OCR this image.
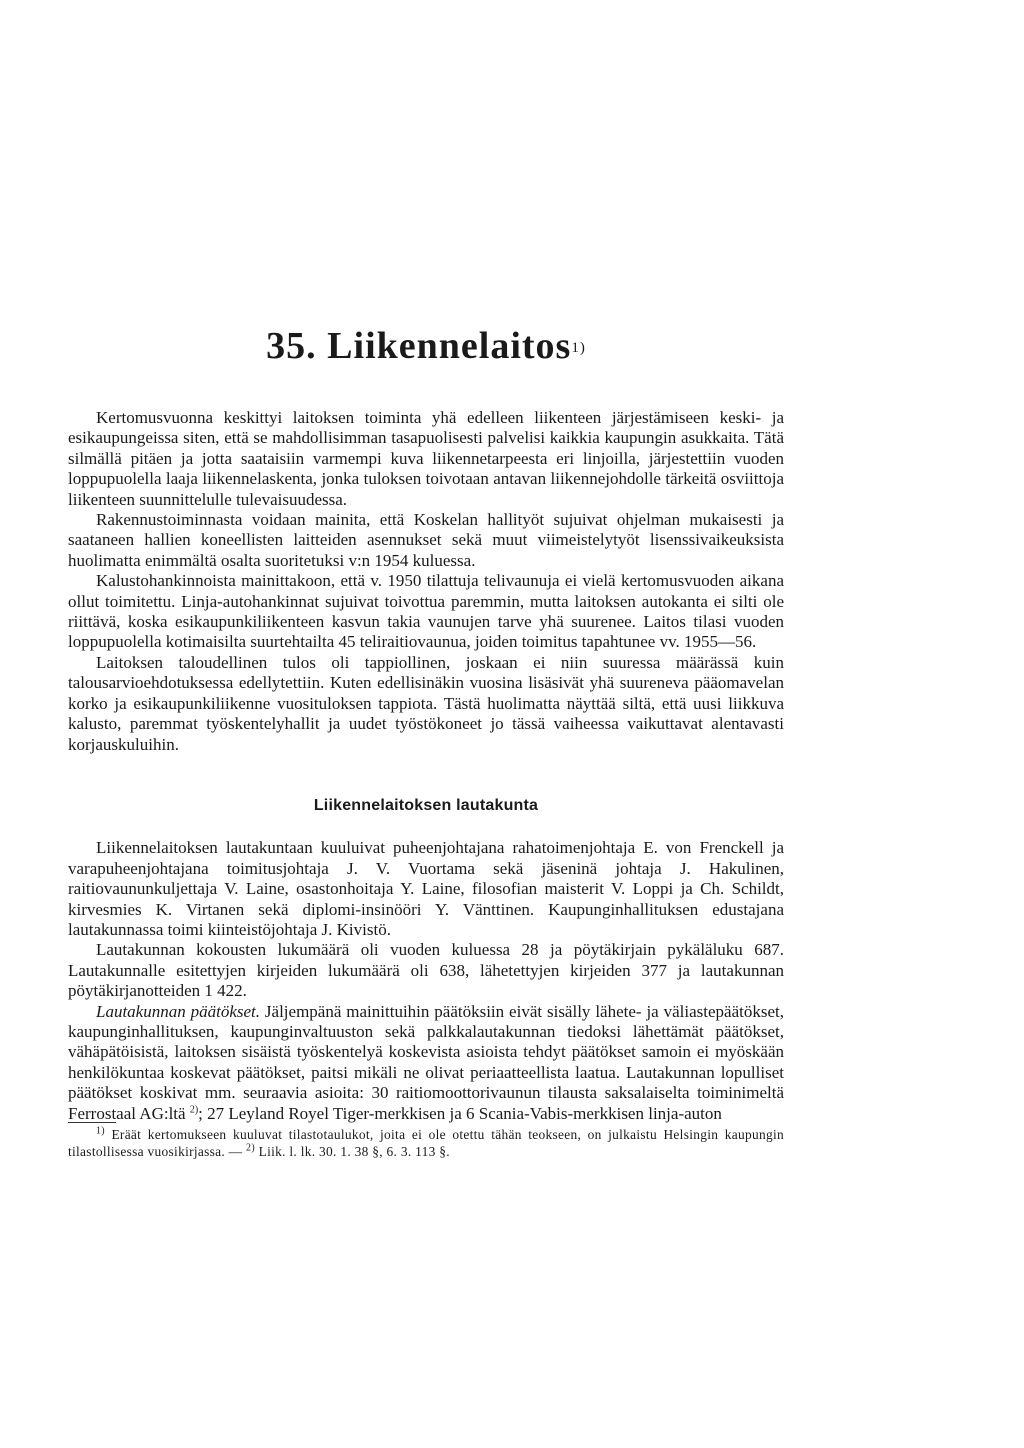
35. Liikennelaitos$^{1)}$

Kertomusvuonna keskittyi laitoksen toiminta yhä edelleen liikenteen järjestämiseen keski- ja esikaupungeissa siten, että se mahdollisimman tasapuolisesti palvelisi kaikkia kaupungin asukkaita. Tätä silmällä pitäen ja jotta saataisiin varmempi kuva liikennetarpeesta eri linjoilla, järjestettiin vuoden loppupuolella laaja liikennelaskenta, jonka tuloksen toivotaan antavan liikennejohdolle tärkeitä osviittoja liikenteen suunnittelulle tulevaisuudessa.

Rakennustoiminnasta voidaan mainita, että Koskelan hallityöt sujuivat ohjelman mukaisesti ja saataneen hallien koneellisten laitteiden asennukset sekä muut viimeistelytyöt lisenssivaikeuksista huolimatta enimmältä osalta suoritetuksi v:n 1954 kuluessa.

Kalustohankinnoista mainittakoon, että v. 1950 tilattuja telivaunuja ei vielä kertomusvuoden aikana ollut toimitettu. Linja-autohankinnat sujuivat toivottua paremmin, mutta laitoksen autokanta ei silti ole riittävä, koska esikaupunkiliikenteen kasvun takia vaunujen tarve yhä suurenee. Laitos tilasi vuoden loppupuolella kotimaisilta suurtehtailta 45 teliraitiovaunua, joiden toimitus tapahtunee vv. 1955—56.

Laitoksen taloudellinen tulos oli tappiollinen, joskaan ei niin suuressa määrässä kuin talousarvioehdotuksessa edellytettiin. Kuten edellisinäkin vuosina lisäsivät yhä suureneva pääomavelan korko ja esikaupunkiliikenne vuosituloksen tappiota. Tästä huolimatta näyttää siltä, että uusi liikkuva kalusto, paremmat työskentelyhallit ja uudet työstökoneet jo tässä vaiheessa vaikuttavat alentavasti korjauskuluihin.

Liikennelaitoksen lautakunta

Liikennelaitoksen lautakuntaan kuuluivat puheenjohtajana rahatoimenjohtaja E. von Frenckell ja varapuheenjohtajana toimitusjohtaja J. V. Vuortama sekä jäseninä johtaja J. Hakulinen, raitiovaununkuljettaja V. Laine, osastonhoitaja Y. Laine, filosofian maisterit V. Loppi ja Ch. Schildt, kirvesmies K. Virtanen sekä diplomi-insinööri Y. Vänttinen. Kaupunginhallituksen edustajana lautakunnassa toimi kiinteistöjohtaja J. Kivistö.

Lautakunnan kokousten lukumäärä oli vuoden kuluessa 28 ja pöytäkirjain pykäläluku 687. Lautakunnalle esitettyjen kirjeiden lukumäärä oli 638, lähetettyjen kirjeiden 377 ja lautakunnan pöytäkirjanotteiden 1 422.

Lautakunnan päätökset. Jäljempänä mainittuihin päätöksiin eivät sisälly lähete- ja väliastepäätökset, kaupunginhallituksen, kaupunginvaltuuston sekä palkkalautakunnan tiedoksi lähettämät päätökset, vähäpätöisistä, laitoksen sisäistä työskentelyä koskevista asioista tehdyt päätökset samoin ei myöskään henkilökuntaa koskevat päätökset, paitsi mikäli ne olivat periaatteellista laatua. Lautakunnan lopulliset päätökset koskivat mm. seuraavia asioita: 30 raitiomoottorivaunun tilausta saksalaiselta toiminimeltä Ferrostaal AG:ltä $^{2)}$; 27 Leyland Royel Tiger-merkkisen ja 6 Scania-Vabis-merkkisen linja-auton

$^{1)}$ Eräät kertomukseen kuuluvat tilastotaulukot, joita ei ole otettu tähän teokseen, on julkaistu Helsingin kaupungin tilastollisessa vuosikirjassa. — $^{2)}$ Liik. l. lk. 30. 1. 38 §, 6. 3. 113 §.
